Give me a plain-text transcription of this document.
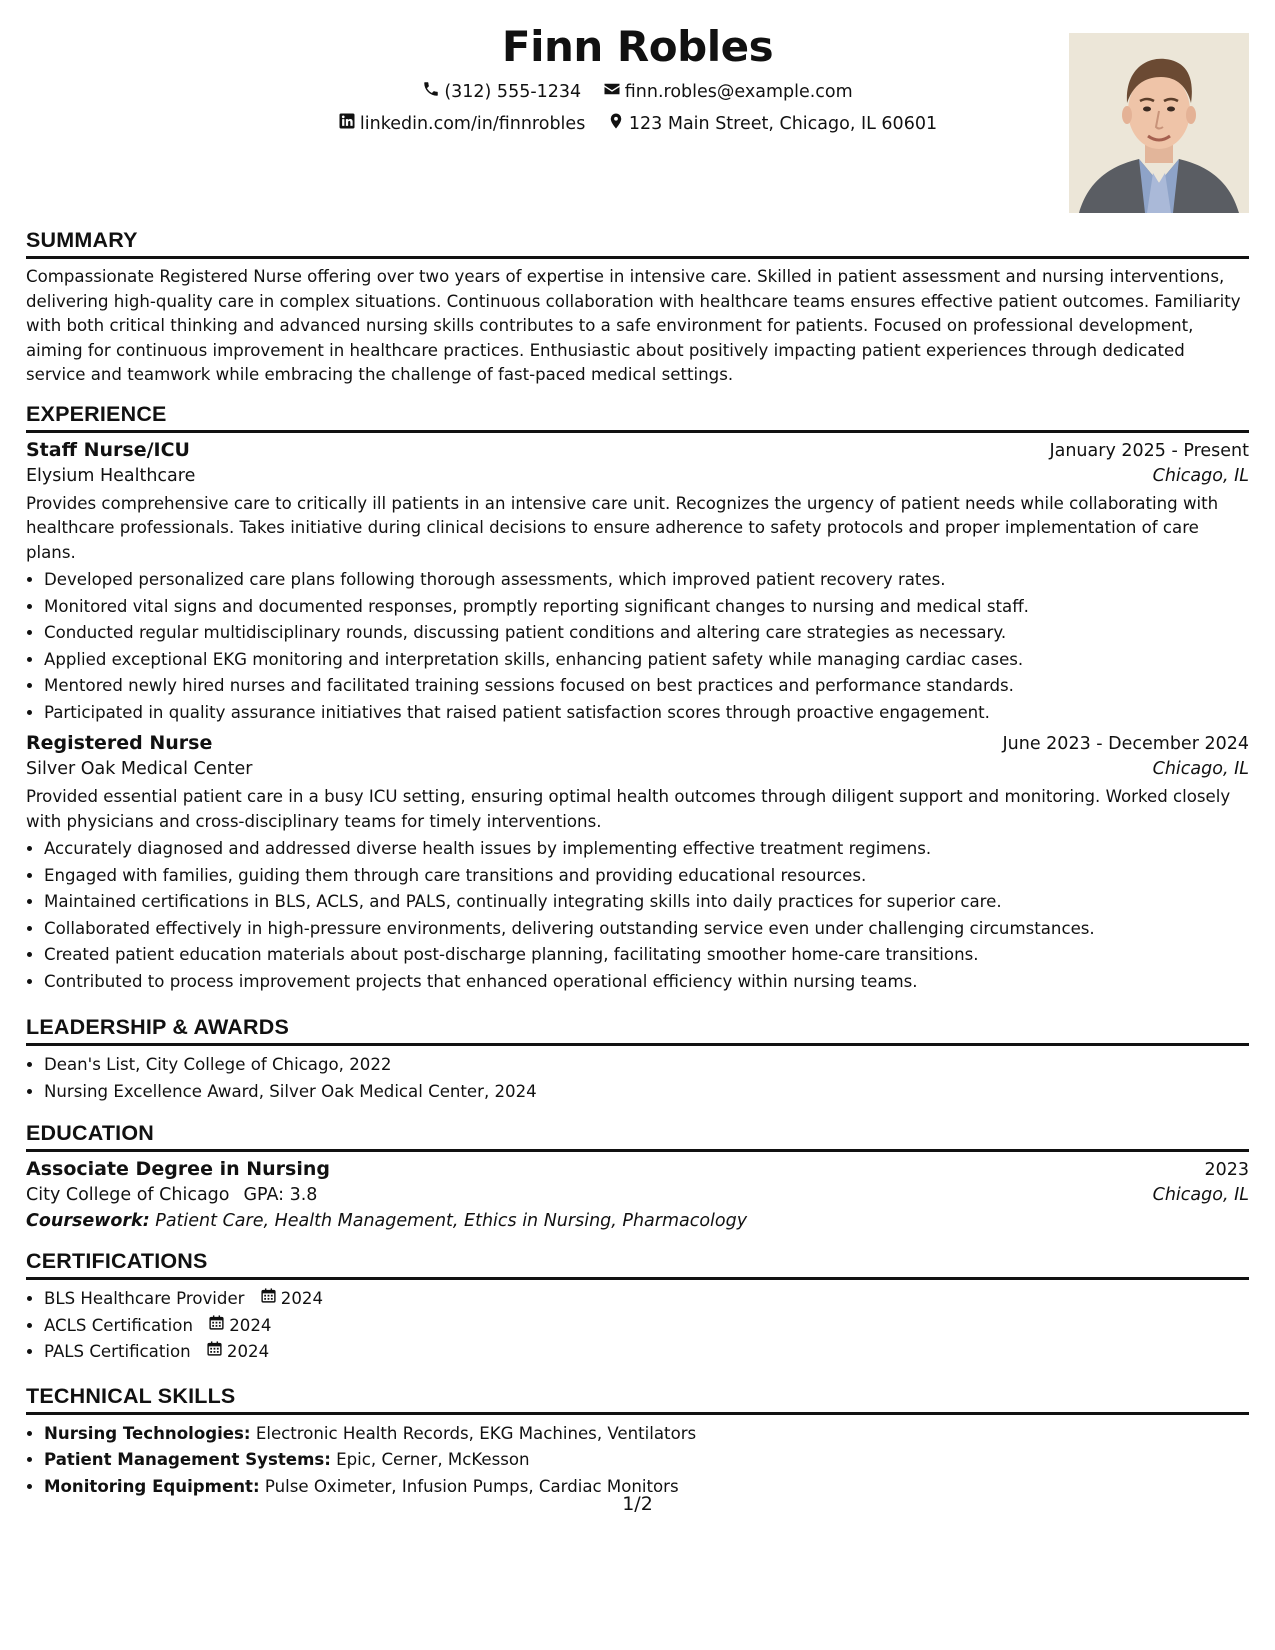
Finn Robles
(312) 555-1234
finn.robles@example.com
linkedin.com/in/finnrobles
123 Main Street, Chicago, IL 60601
SUMMARY

Compassionate Registered Nurse offering over two years of expertise in intensive care. Skilled in patient assessment and nursing interventions, delivering high-quality care in complex situations. Continuous collaboration with healthcare teams ensures effective patient outcomes. Familiarity with both critical thinking and advanced nursing skills contributes to a safe environment for patients. Focused on professional development, aiming for continuous improvement in healthcare practices. Enthusiastic about positively impacting patient experiences through dedicated service and teamwork while embracing the challenge of fast-paced medical settings.

EXPERIENCE
Staff Nurse/ICU	January 2025 - Present
Elysium Healthcare	Chicago, IL

Provides comprehensive care to critically ill patients in an intensive care unit. Recognizes the urgency of patient needs while collaborating with healthcare professionals. Takes initiative during clinical decisions to ensure adherence to safety protocols and proper implementation of care plans.

• Developed personalized care plans following thorough assessments, which improved patient recovery rates.
• Monitored vital signs and documented responses, promptly reporting significant changes to nursing and medical staff.
• Conducted regular multidisciplinary rounds, discussing patient conditions and altering care strategies as necessary.
• Applied exceptional EKG monitoring and interpretation skills, enhancing patient safety while managing cardiac cases.
• Mentored newly hired nurses and facilitated training sessions focused on best practices and performance standards.
• Participated in quality assurance initiatives that raised patient satisfaction scores through proactive engagement.
Registered Nurse	June 2023 - December 2024
Silver Oak Medical Center	Chicago, IL

Provided essential patient care in a busy ICU setting, ensuring optimal health outcomes through diligent support and monitoring. Worked closely with physicians and cross-disciplinary teams for timely interventions.

• Accurately diagnosed and addressed diverse health issues by implementing effective treatment regimens.
• Engaged with families, guiding them through care transitions and providing educational resources.
• Maintained certifications in BLS, ACLS, and PALS, continually integrating skills into daily practices for superior care.
• Collaborated effectively in high-pressure environments, delivering outstanding service even under challenging circumstances.
• Created patient education materials about post-discharge planning, facilitating smoother home-care transitions.
• Contributed to process improvement projects that enhanced operational efficiency within nursing teams.
LEADERSHIP & AWARDS
• Dean's List, City College of Chicago, 2022
• Nursing Excellence Award, Silver Oak Medical Center, 2024
EDUCATION
Associate Degree in Nursing	2023
City College of Chicago GPA: 3.8	Chicago, IL
Coursework: Patient Care, Health Management, Ethics in Nursing, Pharmacology
CERTIFICATIONS
• BLS Healthcare Provider 2024
• ACLS Certification 2024
• PALS Certification 2024
TECHNICAL SKILLS
• Nursing Technologies: Electronic Health Records, EKG Machines, Ventilators
• Patient Management Systems: Epic, Cerner, McKesson
• Monitoring Equipment: Pulse Oximeter, Infusion Pumps, Cardiac Monitors
1/2
